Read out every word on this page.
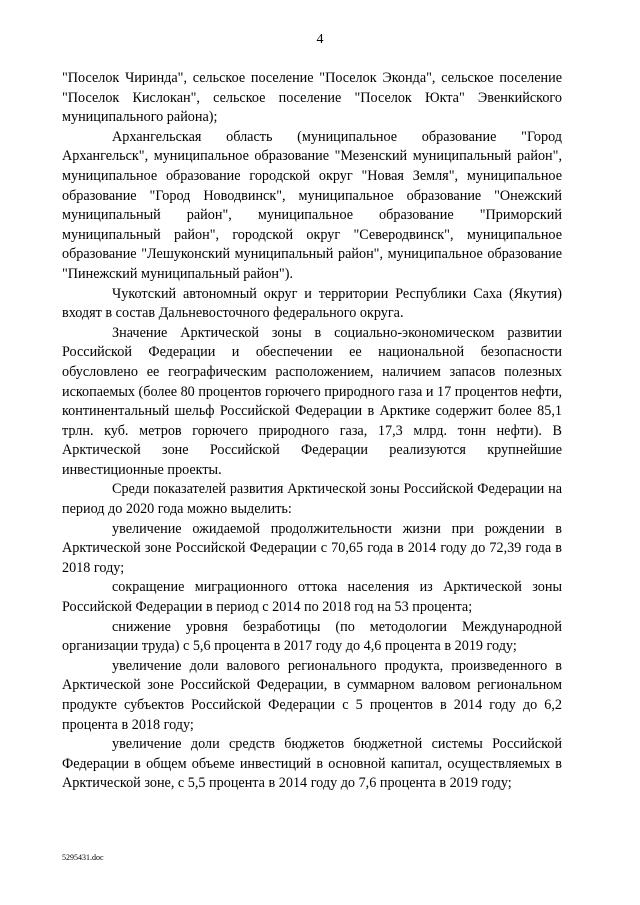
4

"Поселок Чиринда", сельское поселение "Поселок Эконда", сельское поселение "Поселок Кислокан", сельское поселение "Поселок Юкта" Эвенкийского муниципального района);

Архангельская область (муниципальное образование "Город Архангельск", муниципальное образование "Мезенский муниципальный район", муниципальное образование городской округ "Новая Земля", муниципальное образование "Город Новодвинск", муниципальное образование "Онежский муниципальный район", муниципальное образование "Приморский муниципальный район", городской округ "Северодвинск", муниципальное образование "Лешуконский муниципальный район", муниципальное образование "Пинежский муниципальный район").

Чукотский автономный округ и территории Республики Саха (Якутия) входят в состав Дальневосточного федерального округа.

Значение Арктической зоны в социально-экономическом развитии Российской Федерации и обеспечении ее национальной безопасности обусловлено ее географическим расположением, наличием запасов полезных ископаемых (более 80 процентов горючего природного газа и 17 процентов нефти, континентальный шельф Российской Федерации в Арктике содержит более 85,1 трлн. куб. метров горючего природного газа, 17,3 млрд. тонн нефти). В Арктической зоне Российской Федерации реализуются крупнейшие инвестиционные проекты.

Среди показателей развития Арктической зоны Российской Федерации на период до 2020 года можно выделить:

увеличение ожидаемой продолжительности жизни при рождении в Арктической зоне Российской Федерации с 70,65 года в 2014 году до 72,39 года в 2018 году;

сокращение миграционного оттока населения из Арктической зоны Российской Федерации в период с 2014 по 2018 год на 53 процента;

снижение уровня безработицы (по методологии Международной организации труда) с 5,6 процента в 2017 году до 4,6 процента в 2019 году;

увеличение доли валового регионального продукта, произведенного в Арктической зоне Российской Федерации, в суммарном валовом региональном продукте субъектов Российской Федерации с 5 процентов в 2014 году до 6,2 процента в 2018 году;

увеличение доли средств бюджетов бюджетной системы Российской Федерации в общем объеме инвестиций в основной капитал, осуществляемых в Арктической зоне, с 5,5 процента в 2014 году до 7,6 процента в 2019 году;

5295431.doc
